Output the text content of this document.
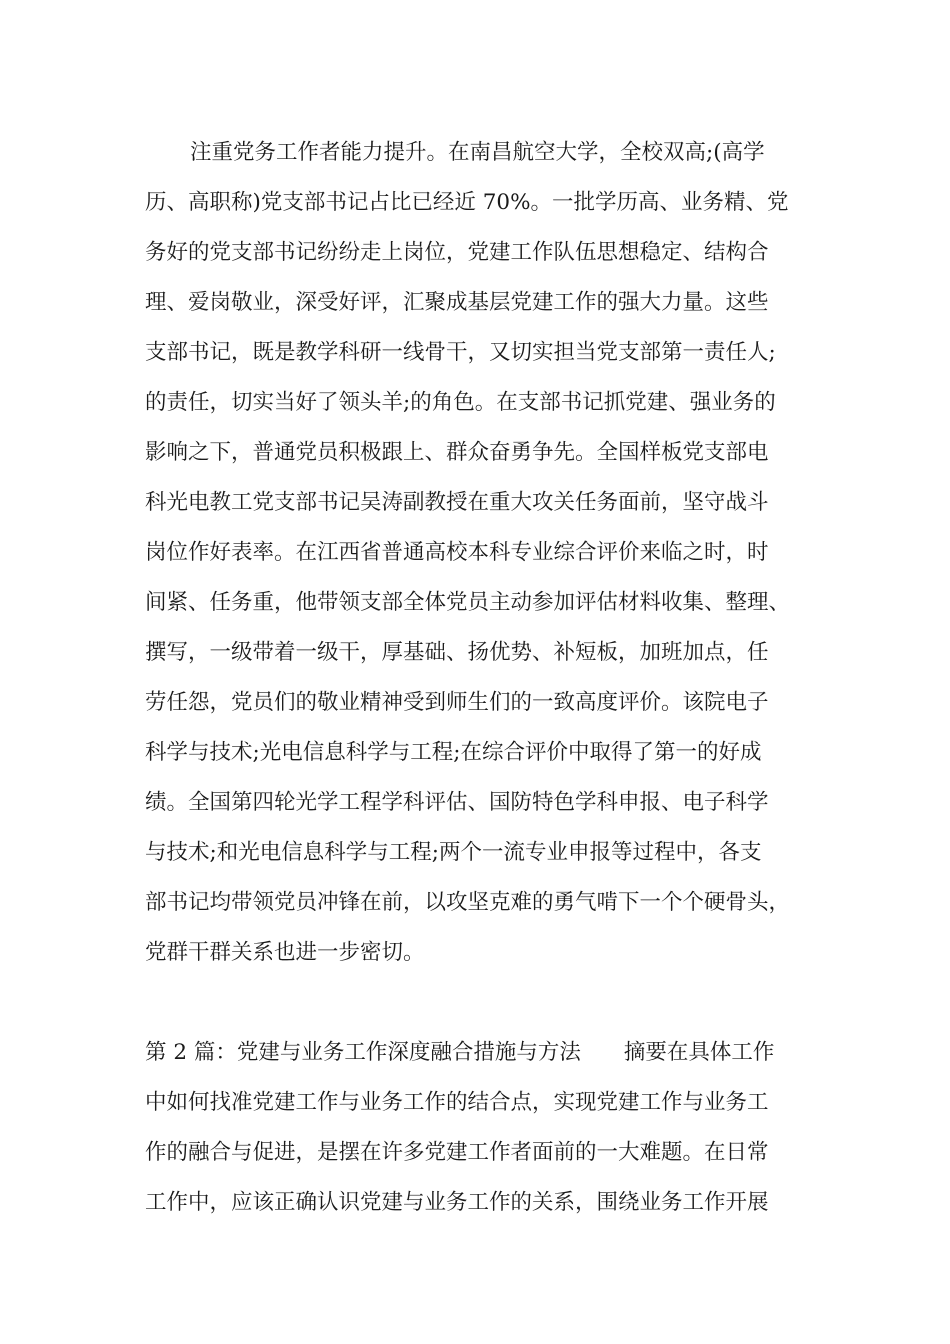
注重党务工作者能力提升。在南昌航空大学，全校双高;(高学
历、高职称)党支部书记占比已经近 70%。一批学历高、业务精、党
务好的党支部书记纷纷走上岗位，党建工作队伍思想稳定、结构合
理、爱岗敬业，深受好评，汇聚成基层党建工作的强大力量。这些
支部书记，既是教学科研一线骨干，又切实担当党支部第一责任人;
的责任，切实当好了领头羊;的角色。在支部书记抓党建、强业务的
影响之下，普通党员积极跟上、群众奋勇争先。全国样板党支部电
科光电教工党支部书记吴涛副教授在重大攻关任务面前，坚守战斗
岗位作好表率。在江西省普通高校本科专业综合评价来临之时，时
间紧、任务重，他带领支部全体党员主动参加评估材料收集、整理、
撰写，一级带着一级干，厚基础、扬优势、补短板，加班加点，任
劳任怨，党员们的敬业精神受到师生们的一致高度评价。该院电子
科学与技术;光电信息科学与工程;在综合评价中取得了第一的好成
绩。全国第四轮光学工程学科评估、国防特色学科申报、电子科学
与技术;和光电信息科学与工程;两个一流专业申报等过程中，各支
部书记均带领党员冲锋在前，以攻坚克难的勇气啃下一个个硬骨头，
党群干群关系也进一步密切。
第 2 篇：党建与业务工作深度融合措施与方法　　摘要在具体工作
中如何找准党建工作与业务工作的结合点，实现党建工作与业务工
作的融合与促进，是摆在许多党建工作者面前的一大难题。在日常
工作中，应该正确认识党建与业务工作的关系，围绕业务工作开展
